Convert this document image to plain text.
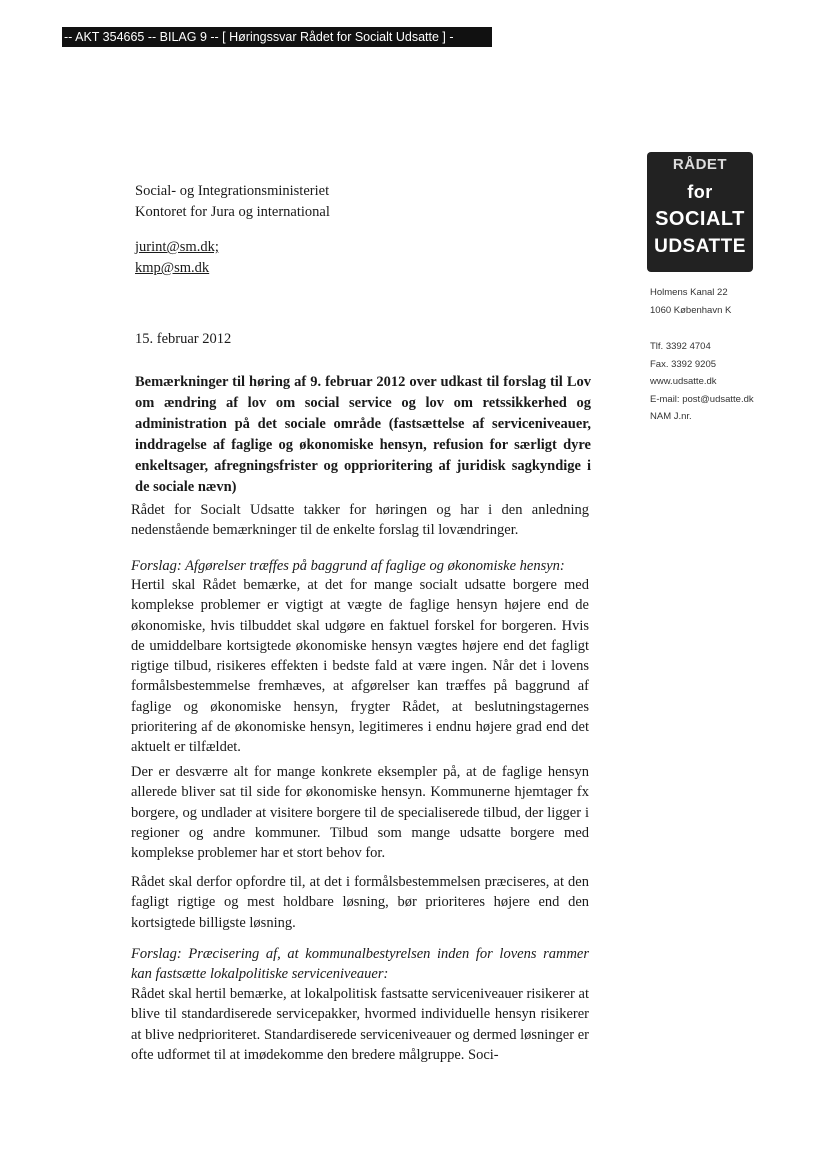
-- AKT 354665 -- BILAG 9 -- [ Høringssvar Rådet for Socialt Udsatte ] -
Social- og Integrationsministeriet
Kontoret for Jura og international
jurint@sm.dk;
kmp@sm.dk
15. februar 2012
Bemærkninger til høring af 9. februar 2012 over udkast til forslag til Lov om ændring af lov om social service og lov om retssikkerhed og administration på det sociale område (fastsættelse af serviceniveauer, inddragelse af faglige og økonomiske hensyn, refusion for særligt dyre enkeltsager, afregningsfrister og opprioritering af juridisk sagkyndige i de sociale nævn)
Rådet for Socialt Udsatte takker for høringen og har i den anledning nedenstående bemærkninger til de enkelte forslag til lovændringer.
Forslag: Afgørelser træffes på baggrund af faglige og økonomiske hensyn:
Hertil skal Rådet bemærke, at det for mange socialt udsatte borgere med komplekse problemer er vigtigt at vægte de faglige hensyn højere end de økonomiske, hvis tilbuddet skal udgøre en faktuel forskel for borgeren. Hvis de umiddelbare kortsigtede økonomiske hensyn vægtes højere end det fagligt rigtige tilbud, risikeres effekten i bedste fald at være ingen. Når det i lovens formålsbestemmelse fremhæves, at afgørelser kan træffes på baggrund af faglige og økonomiske hensyn, frygter Rådet, at beslutningstagernes prioritering af de økonomiske hensyn, legitimeres i endnu højere grad end det aktuelt er tilfældet.
Der er desværre alt for mange konkrete eksempler på, at de faglige hensyn allerede bliver sat til side for økonomiske hensyn. Kommunerne hjemtager fx borgere, og undlader at visitere borgere til de specialiserede tilbud, der ligger i regioner og andre kommuner. Tilbud som mange udsatte borgere med komplekse problemer har et stort behov for.
Rådet skal derfor opfordre til, at det i formålsbestemmelsen præciseres, at den fagligt rigtige og mest holdbare løsning, bør prioriteres højere end den kortsigtede billigste løsning.
Forslag: Præcisering af, at kommunalbestyrelsen inden for lovens rammer kan fastsætte lokalpolitiske serviceniveauer:
Rådet skal hertil bemærke, at lokalpolitisk fastsatte serviceniveauer risikerer at blive til standardiserede servicepakker, hvormed individuelle hensyn risikerer at blive nedprioriteret. Standardiserede serviceniveauer og dermed løsninger er ofte udformet til at imødekomme den bredere målgruppe. Soci-
RÅDET
for
SOCIALT
UDSATTE
Holmens Kanal 22
1060 København K
Tlf. 3392 4704
Fax. 3392 9205
www.udsatte.dk
E-mail: post@udsatte.dk
NAM J.nr.
